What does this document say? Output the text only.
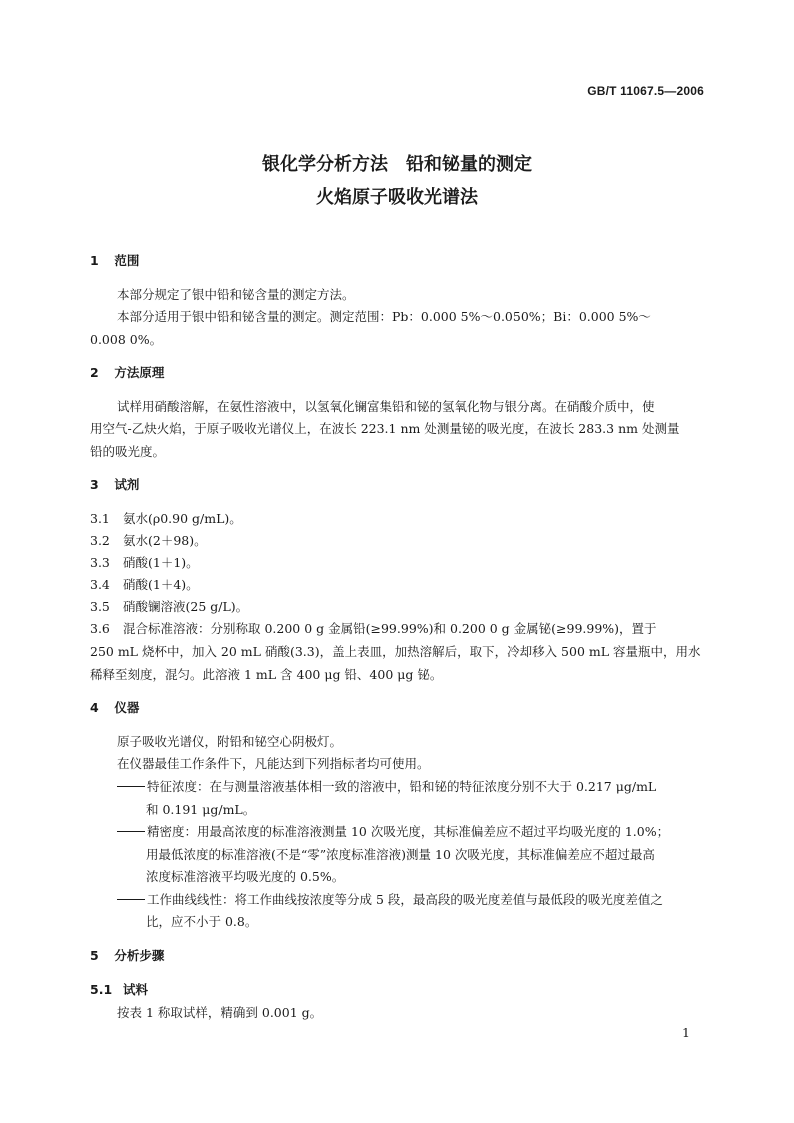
GB/T 11067.5—2006
银化学分析方法　铅和铋量的测定
火焰原子吸收光谱法
1 范围
本部分规定了银中铅和铋含量的测定方法。
本部分适用于银中铅和铋含量的测定。测定范围：Pb：0.000 5%～0.050%；Bi：0.000 5%～
0.008 0%。
2 方法原理
试样用硝酸溶解，在氨性溶液中，以氢氧化镧富集铅和铋的氢氧化物与银分离。在硝酸介质中，使
用空气-乙炔火焰，于原子吸收光谱仪上，在波长 223.1 nm 处测量铋的吸光度，在波长 283.3 nm 处测量
铅的吸光度。
3 试剂
3.1 氨水(ρ0.90 g/mL)。
3.2 氨水(2＋98)。
3.3 硝酸(1＋1)。
3.4 硝酸(1＋4)。
3.5 硝酸镧溶液(25 g/L)。
3.6 混合标准溶液：分别称取 0.200 0 g 金属铅(≥99.99%)和 0.200 0 g 金属铋(≥99.99%)，置于
250 mL 烧杯中，加入 20 mL 硝酸(3.3)，盖上表皿，加热溶解后，取下，冷却移入 500 mL 容量瓶中，用水
稀释至刻度，混匀。此溶液 1 mL 含 400 μg 铅、400 μg 铋。
4 仪器
原子吸收光谱仪，附铅和铋空心阴极灯。
在仪器最佳工作条件下，凡能达到下列指标者均可使用。
特征浓度：在与测量溶液基体相一致的溶液中，铅和铋的特征浓度分别不大于 0.217 μg/mL
和 0.191 μg/mL。
精密度：用最高浓度的标准溶液测量 10 次吸光度，其标准偏差应不超过平均吸光度的 1.0%；
用最低浓度的标准溶液(不是“零”浓度标准溶液)测量 10 次吸光度，其标准偏差应不超过最高
浓度标准溶液平均吸光度的 0.5%。
工作曲线线性：将工作曲线按浓度等分成 5 段，最高段的吸光度差值与最低段的吸光度差值之
比，应不小于 0.8。
5 分析步骤
5.1 试料
按表 1 称取试样，精确到 0.001 g。
1
